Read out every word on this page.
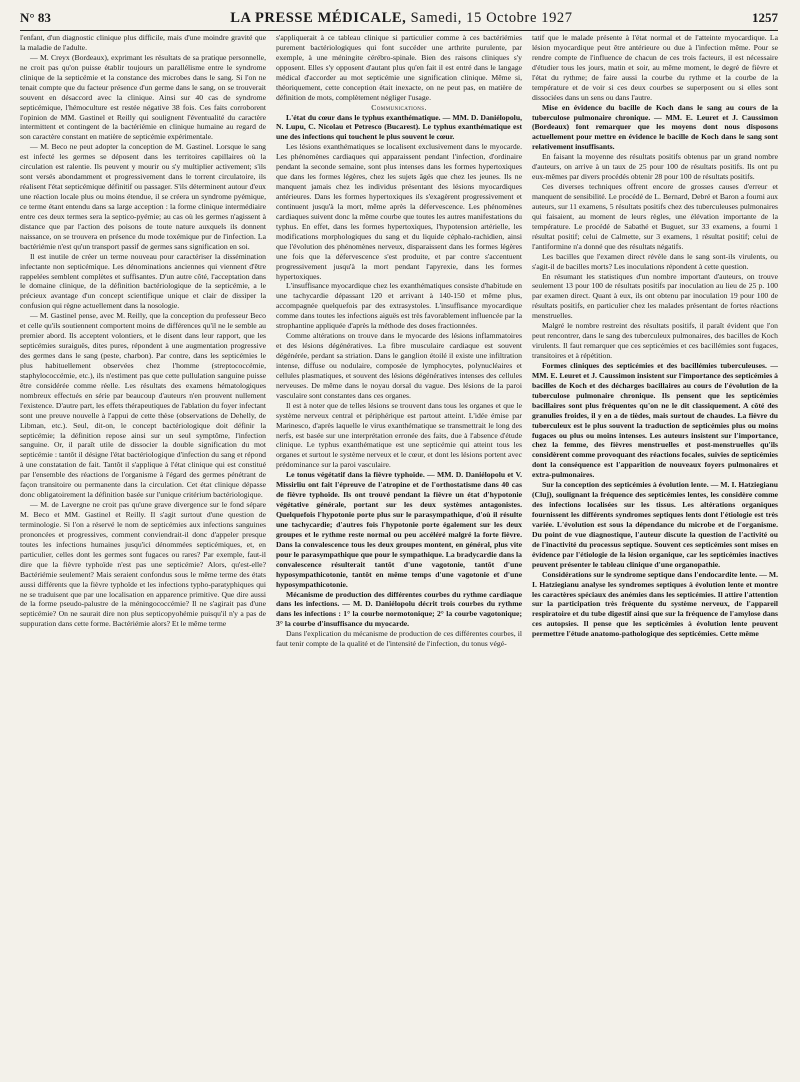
N° 83	LA PRESSE MÉDICALE, Samedi, 15 Octobre 1927	1257

l'enfant, d'un diagnostic clinique plus difficile, mais d'une moindre gravité que la maladie de l'adulte.

— M. Creyx (Bordeaux), exprimant les résultats de sa pratique personnelle, ne croit pas qu'on puisse établir toujours un parallélisme entre le syndrome clinique de la septicémie et la constance des microbes dans le sang. Si l'on ne tenait compte que du facteur présence d'un germe dans le sang, on se trouverait souvent en désaccord avec la clinique. Ainsi sur 40 cas de syndrome septicémique, l'hémoculture est restée négative 38 fois. Ces faits corroborent l'opinion de MM. Gastinel et Reilly qui soulignent l'éventualité du caractère intermittent et contingent de la bactériémie en clinique humaine au regard de son caractère constant en matière de septicémie expérimentale.

— M. Beco ne peut adopter la conception de M. Gastinel. Lorsque le sang est infecté les germes se déposent dans les territoires capillaires où la circulation est ralentie. Ils peuvent y mourir ou s'y multiplier activement; s'ils sont versés abondamment et progressivement dans le torrent circulatoire, ils réalisent l'état septicémique définitif ou passager. S'ils déterminent autour d'eux une réaction locale plus ou moins étendue, il se créera un syndrome pyémique, ce terme étant entendu dans sa large acception : la forme clinique intermédiaire entre ces deux termes sera la septico-pyémie; au cas où les germes n'agissent à distance que par l'action des poisons de toute nature auxquels ils donnent naissance, on se trouvera en présence du mode toxémique pur de l'infection. La bactériémie n'est qu'un transport passif de germes sans signification en soi.

Il est inutile de créer un terme nouveau pour caractériser la dissémination infectante non septicémique. Les dénominations anciennes qui viennent d'être rappelées semblent complètes et suffisantes. D'un autre côté, l'acceptation dans le domaine clinique, de la définition bactériologique de la septicémie, a le précieux avantage d'un concept scientifique unique et clair de dissiper la confusion qui règne actuellement dans la nosologie.

— M. Gastinel pense, avec M. Reilly, que la conception du professeur Beco et celle qu'ils soutiennent comportent moins de différences qu'il ne le semble au premier abord. Ils acceptent volontiers, et le disent dans leur rapport, que les septicémies suraiguës, dites pures, répondent à une augmentation progressive des germes dans le sang (peste, charbon). Par contre, dans les septicémies le plus habituellement observées chez l'homme (streptococcémie, staphylococcémie, etc.), ils n'estiment pas que cette pullulation sanguine puisse être considérée comme réelle. Les résultats des examens hématologiques nombreux effectués en série par beaucoup d'auteurs n'en prouvent nullement l'existence. D'autre part, les effets thérapeutiques de l'ablation du foyer infectant sont une preuve nouvelle à l'appui de cette thèse (observations de Dehelly, de Libman, etc.). Seul, dit-on, le concept bactériologique doit définir la septicémie; la définition repose ainsi sur un seul symptôme, l'infection sanguine. Or, il paraît utile de dissocier la double signification du mot septicémie : tantôt il désigne l'état bactériologique d'infection du sang et répond à une constatation de fait. Tantôt il s'applique à l'état clinique qui est constitué par l'ensemble des réactions de l'organisme à l'égard des germes pénétrant de façon transitoire ou permanente dans la circulation. Cet état clinique dépasse donc obligatoirement la définition basée sur l'unique critérium bactériologique.

— M. de Lavergne ne croit pas qu'une grave divergence sur le fond sépare M. Beco et MM. Gastinel et Reilly. Il s'agit surtout d'une question de terminologie. Si l'on a réservé le nom de septicémies aux infections sanguines prononcées et progressives, comment conviendrait-il donc d'appeler presque toutes les infections humaines jusqu'ici dénommées septicémiques, et, en particulier, celles dont les germes sont fugaces ou rares? Par exemple, faut-il dire que la fièvre typhoïde n'est pas une septicémie? Alors, qu'est-elle? Bactériémie seulement? Mais seraient confondus sous le même terme des états aussi différents que la fièvre typhoïde et les infections typho-paratyphiques qui ne se traduisent que par une localisation en apparence primitive. Que dire aussi de la forme pseudo-palustre de la méningococcémie? Il ne s'agirait pas d'une septicémie? On ne saurait dire non plus septicopyohémie puisqu'il n'y a pas de suppuration dans cette forme. Bactériémie alors? Et le même terme

s'appliquerait à ce tableau clinique si particulier comme à ces bactériémies purement bactériologiques qui font succéder une arthrite purulente, par exemple, à une méningite cérébro-spinale. Bien des raisons cliniques s'y opposent. Elles s'y opposent d'autant plus qu'en fait il est entré dans le langage médical d'accorder au mot septicémie une signification clinique. Même si, théoriquement, cette conception était inexacte, on ne peut pas, en matière de définition de mots, complètement négliger l'usage.

Communications.

L'état du cœur dans le typhus exanthématique. — MM. D. Daniélopolu, N. Lupu, C. Nicolau et Petresco (Bucarest). Le typhus exanthématique est une des infections qui touchent le plus souvent le cœur.

Les lésions exanthématiques se localisent exclusivement dans le myocarde. Les phénomènes cardiaques qui apparaissent pendant l'infection, d'ordinaire pendant la seconde semaine, sont plus intenses dans les formes hypertoxiques que dans les formes légères, chez les sujets âgés que chez les jeunes. Ils ne manquent jamais chez les individus présentant des lésions myocardiques antérieures. Dans les formes hypertoxiques ils s'exagèrent progressivement et continuent jusqu'à la mort, même après la défervescence. Les phénomènes cardiaques suivent donc la même courbe que toutes les autres manifestations du typhus. En effet, dans les formes hypertoxiques, l'hypotension artérielle, les modifications morphologiques du sang et du liquide céphalo-rachidien, ainsi que l'évolution des phénomènes nerveux, disparaissent dans les formes légères une fois que la défervescence s'est produite, et par contre s'accentuent progressivement jusqu'à la mort pendant l'apyrexie, dans les formes hypertoxiques.

L'insuffisance myocardique chez les exanthématiques consiste d'habitude en une tachycardie dépassant 120 et arrivant à 140-150 et même plus, accompagnée quelquefois par des extrasystoles. L'insuffisance myocardique comme dans toutes les infections aiguës est très favorablement influencée par la strophantine appliquée d'après la méthode des doses fractionnées.

Comme altérations on trouve dans le myocarde des lésions inflammatoires et des lésions dégénératives. La fibre musculaire cardiaque est souvent dégénérée, perdant sa striation. Dans le ganglion étoilé il existe une infiltration intense, diffuse ou nodulaire, composée de lymphocytes, polynucléaires et cellules plasmatiques, et souvent des lésions dégénératives intenses des cellules nerveuses. De même dans le noyau dorsal du vague. Des lésions de la paroi vasculaire sont constantes dans ces organes.

Il est à noter que de telles lésions se trouvent dans tous les organes et que le système nerveux central et périphérique est partout atteint. L'idée émise par Marinesco, d'après laquelle le virus exanthématique se transmettrait le long des nerfs, est basée sur une interprétation erronée des faits, due à l'absence d'étude clinique. Le typhus exanthématique est une septicémie qui atteint tous les organes et surtout le système nerveux et le cœur, et dont les lésions portent avec prédominance sur la paroi vasculaire.

Le tonus végétatif dans la fièvre typhoïde. — MM. D. Daniélopolu et V. Missirliu ont fait l'épreuve de l'atropine et de l'orthostatisme dans 40 cas de fièvre typhoïde. Ils ont trouvé pendant la fièvre un état d'hypotonie végétative générale, portant sur les deux systèmes antagonistes. Quelquefois l'hypotonie porte plus sur le parasympathique, d'où il résulte une tachycardie; d'autres fois l'hypotonie porte également sur les deux groupes et le rythme reste normal ou peu accéléré malgré la forte fièvre. Dans la convalescence tous les deux groupes montent, en général, plus vite pour le parasympathique que pour le sympathique. La bradycardie dans la convalescence résulterait tantôt d'une vagotonie, tantôt d'une hyposympathicotonie, tantôt en même temps d'une vagotonie et d'une hyposympathicotonie.

Mécanisme de production des différentes courbes du rythme cardiaque dans les infections. — M. D. Daniélopolu décrit trois courbes du rythme dans les infections : 1° la courbe normotonique; 2° la courbe vagotonique; 3° la courbe d'insuffisance du myocarde.

Dans l'explication du mécanisme de production de ces différentes courbes, il faut tenir compte de la qualité et de l'intensité de l'infection, du tonus végé-

tatif que le malade présente à l'état normal et de l'atteinte myocardique. La lésion myocardique peut être antérieure ou due à l'infection même. Pour se rendre compte de l'influence de chacun de ces trois facteurs, il est nécessaire d'étudier tous les jours, matin et soir, au même moment, le degré de fièvre et l'état du rythme; de faire aussi la courbe du rythme et la courbe de la température et de voir si ces deux courbes se superposent ou si elles sont dissociées dans un sens ou dans l'autre.

Mise en évidence du bacille de Koch dans le sang au cours de la tuberculose pulmonaire chronique. — MM. E. Leuret et J. Caussimon (Bordeaux) font remarquer que les moyens dont nous disposons actuellement pour mettre en évidence le bacille de Koch dans le sang sont relativement insuffisants.

En faisant la moyenne des résultats positifs obtenus par un grand nombre d'auteurs, on arrive à un taux de 25 pour 100 de résultats positifs. Ils ont pu eux-mêmes par divers procédés obtenir 28 pour 100 de résultats positifs.

Ces diverses techniques offrent encore de grosses causes d'erreur et manquent de sensibilité. Le procédé de L. Bernard, Debré et Baron a fourni aux auteurs, sur 11 examens, 5 résultats positifs chez des tuberculeuses pulmonaires qui faisaient, au moment de leurs règles, une élévation importante de la température. Le procédé de Sabathé et Buguet, sur 33 examens, a fourni 1 résultat positif; celui de Calmette, sur 3 examens, 1 résultat positif; celui de l'antiformine n'a donné que des résultats négatifs.

Les bacilles que l'examen direct révèle dans le sang sont-ils virulents, ou s'agit-il de bacilles morts? Les inoculations répondent à cette question.

En résumant les statistiques d'un nombre important d'auteurs, on trouve seulement 13 pour 100 de résultats positifs par inoculation au lieu de 25 p. 100 par examen direct. Quant à eux, ils ont obtenu par inoculation 19 pour 100 de résultats positifs, en particulier chez les malades présentant de fortes réactions menstruelles.

Malgré le nombre restreint des résultats positifs, il paraît évident que l'on peut rencontrer, dans le sang des tuberculeux pulmonaires, des bacilles de Koch virulents. Il faut remarquer que ces septicémies et ces bacillémies sont fugaces, transitoires et à répétition.

Formes cliniques des septicémies et des bacillémies tuberculeuses. — MM. E. Leuret et J. Caussimon insistent sur l'importance des septicémies à bacilles de Koch et des décharges bacillaires au cours de l'évolution de la tuberculose pulmonaire chronique. Ils pensent que les septicémies bacillaires sont plus fréquentes qu'on ne le dit classiquement. A côté des granulies froides, il y en a de tièdes, mais surtout de chaudes. La fièvre du tuberculeux est le plus souvent la traduction de septicémies plus ou moins fugaces ou plus ou moins intenses. Les auteurs insistent sur l'importance, chez la femme, des fièvres menstruelles et post-menstruelles qu'ils considèrent comme provoquant des réactions focales, suivies de septicémies dont la conséquence est l'apparition de nouveaux foyers pulmonaires et extra-pulmonaires.

Sur la conception des septicémies à évolution lente. — M. I. Hatziegianu (Cluj), soulignant la fréquence des septicémies lentes, les considère comme des infections localisées sur les tissus. Les altérations organiques fournissent les différents syndromes septiques lents dont l'étiologie est très variée. L'évolution est sous la dépendance du microbe et de l'organisme. Du point de vue diagnostique, l'auteur discute la question de l'activité ou de l'inactivité du processus septique. Souvent ces septicémies sont mises en évidence par l'étiologie de la lésion organique, car les septicémies inactives peuvent présenter le tableau clinique d'une organopathie.

Considérations sur le syndrome septique dans l'endocardite lente. — M. I. Hatziegianu analyse les syndromes septiques à évolution lente et montre les caractères spéciaux des anémies dans les septicémies. Il attire l'attention sur la participation très fréquente du système nerveux, de l'appareil respiratoire et du tube digestif ainsi que sur la fréquence de l'amylose dans ces autopsies. Il pense que les septicémies à évolution lente peuvent permettre l'étude anatomo-pathologique des septicémies. Cette même
